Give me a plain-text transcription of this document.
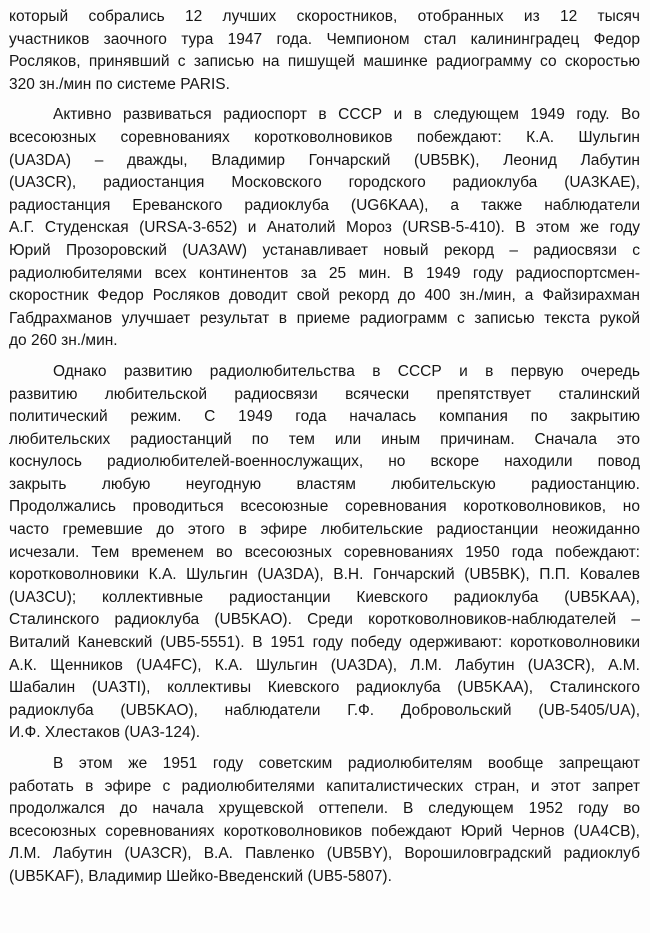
который собрались 12 лучших скоростников, отобранных из 12 тысяч
участников заочного тура 1947 года. Чемпионом стал калининградец Федор
Росляков, принявший с записью на пишущей машинке радиограмму со скоростью
320 зн./мин по системе PARIS.
Активно развиваться радиоспорт в СССР и в следующем 1949 году. Во
всесоюзных соревнованиях коротковолновиков побеждают: К.А. Шульгин
(UA3DA) – дважды, Владимир Гончарский (UB5BK), Леонид Лабутин
(UA3CR), радиостанция Московского городского радиоклуба (UA3KAE),
радиостанция Ереванского радиоклуба (UG6KAA), а также наблюдатели
А.Г. Студенская (URSA-3-652) и Анатолий Мороз (URSB-5-410). В этом же году
Юрий Прозоровский (UA3AW) устанавливает новый рекорд – радиосвязи с
радиолюбителями всех континентов за 25 мин. В 1949 году радиоспортсмен-
скоростник Федор Росляков доводит свой рекорд до 400 зн./мин, а Файзирахман
Габдрахманов улучшает результат в приеме радиограмм с записью текста рукой
до 260 зн./мин.
Однако развитию радиолюбительства в СССР и в первую очередь
развитию любительской радиосвязи всячески препятствует сталинский
политический режим. С 1949 года началась компания по закрытию
любительских радиостанций по тем или иным причинам. Сначала это
коснулось радиолюбителей-военнослужащих, но вскоре находили повод
закрыть любую неугодную властям любительскую радиостанцию.
Продолжались проводиться всесоюзные соревнования коротковолновиков, но
часто гремевшие до этого в эфире любительские радиостанции неожиданно
исчезали. Тем временем во всесоюзных соревнованиях 1950 года побеждают:
коротковолновики К.А. Шульгин (UA3DA), В.Н. Гончарский (UB5BK), П.П. Ковалев
(UA3CU); коллективные радиостанции Киевского радиоклуба (UB5KAA),
Сталинского радиоклуба (UB5KAO). Среди коротковолновиков-наблюдателей –
Виталий Каневский (UB5-5551). В 1951 году победу одерживают: коротковолновики
А.К. Щенников (UA4FC), К.А. Шульгин (UA3DA), Л.М. Лабутин (UA3CR), А.М.
Шабалин (UA3TI), коллективы Киевского радиоклуба (UB5KAA), Сталинского
радиоклуба (UB5KAO), наблюдатели Г.Ф. Добровольский (UB-5405/UA),
И.Ф. Хлестаков (UA3-124).
В этом же 1951 году советским радиолюбителям вообще запрещают
работать в эфире с радиолюбителями капиталистических стран, и этот запрет
продолжался до начала хрущевской оттепели. В следующем 1952 году во
всесоюзных соревнованиях коротковолновиков побеждают Юрий Чернов (UA4CB),
Л.М. Лабутин (UA3CR), В.А. Павленко (UB5BY), Ворошиловградский радиоклуб
(UB5KAF), Владимир Шейко-Введенский (UB5-5807).
